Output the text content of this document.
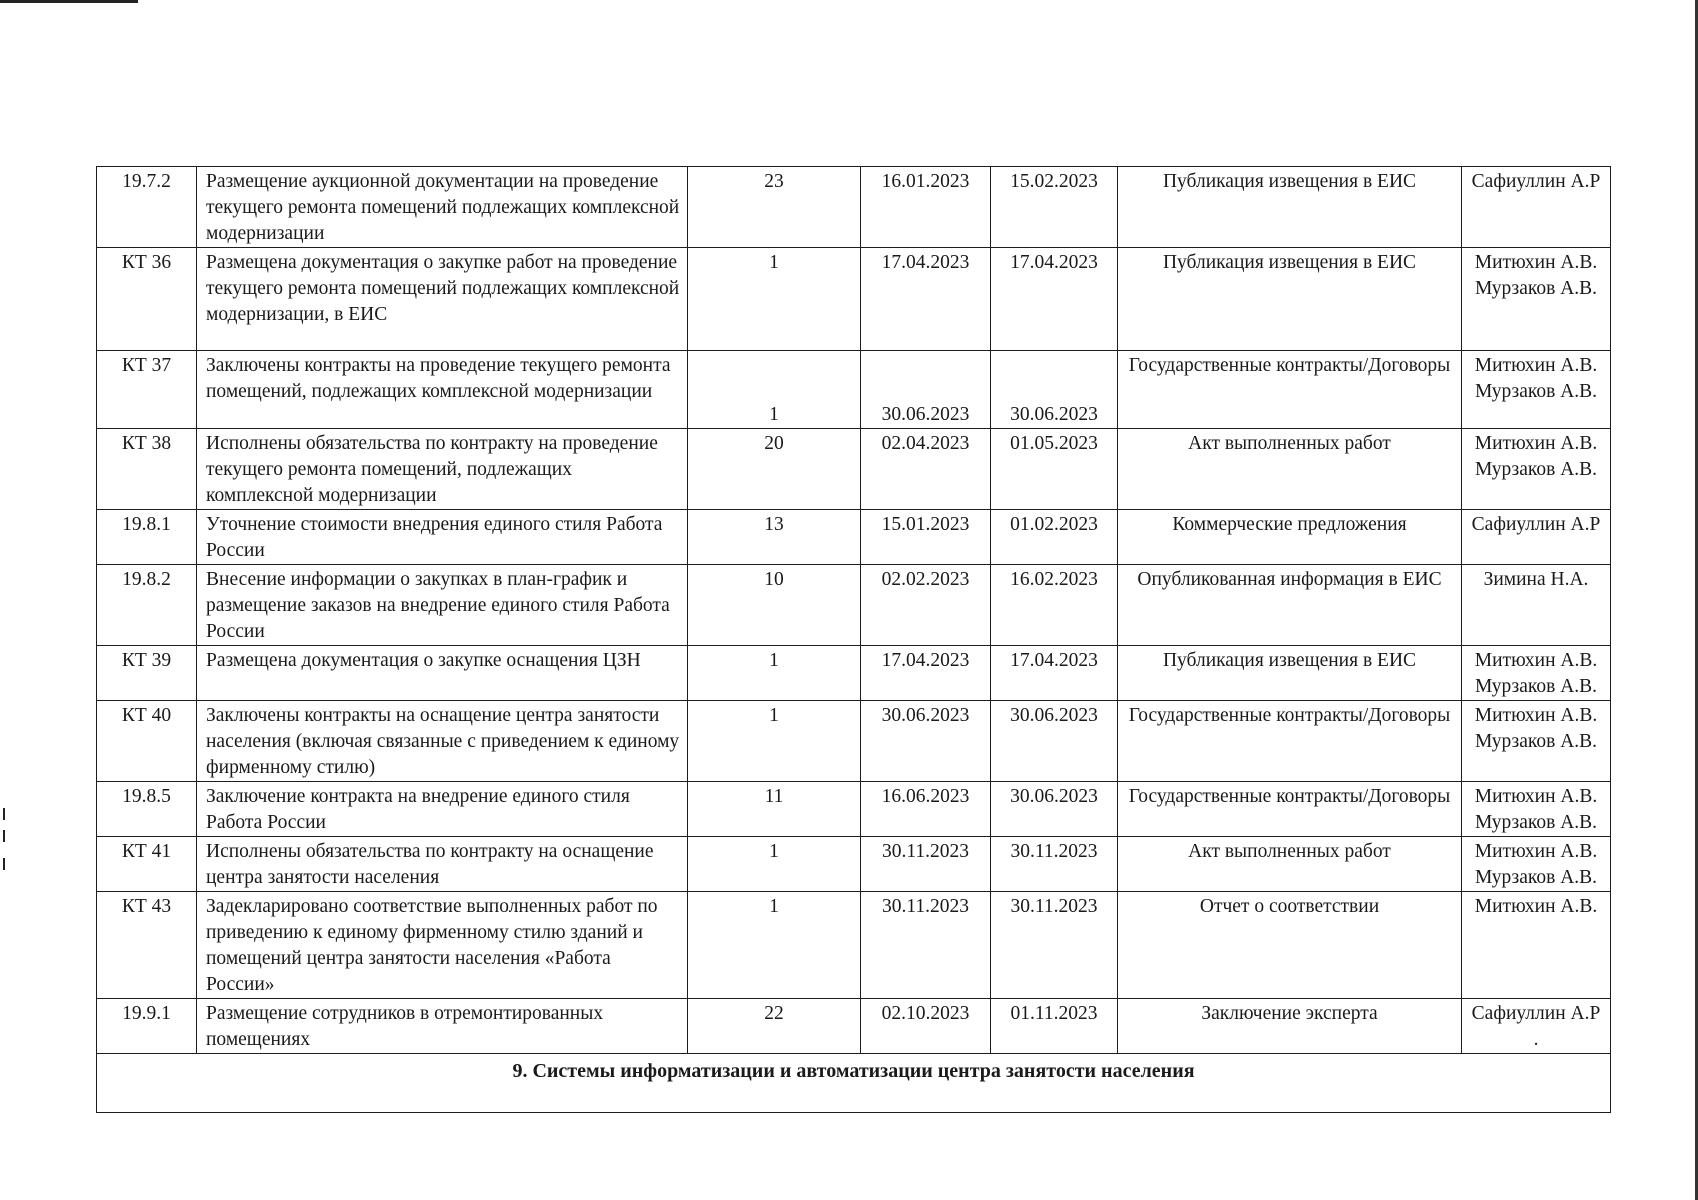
19.7.2	Размещение аукционной документации на проведение текущего ремонта помещений подлежащих комплексной модернизации	23	16.01.2023	15.02.2023	Публикация извещения в ЕИС	Сафиуллин А.Р

КТ 36	Размещена документация о закупке работ на проведение текущего ремонта помещений подлежащих комплексной модернизации, в ЕИС	1	17.04.2023	17.04.2023	Публикация извещения в ЕИС	Митюхин А.В.
Мурзаков А.В.

КТ 37	Заключены контракты на проведение текущего ремонта помещений, подлежащих комплексной модернизации	1	30.06.2023	30.06.2023	Государственные контракты/Договоры	Митюхин А.В.
Мурзаков А.В.

КТ 38	Исполнены обязательства по контракту на проведение текущего ремонта помещений, подлежащих комплексной модернизации	20	02.04.2023	01.05.2023	Акт выполненных работ	Митюхин А.В.
Мурзаков А.В.

19.8.1	Уточнение стоимости внедрения единого стиля Работа России	13	15.01.2023	01.02.2023	Коммерческие предложения	Сафиуллин А.Р

19.8.2	Внесение информации о закупках в план-график и размещение заказов на внедрение единого стиля Работа России	10	02.02.2023	16.02.2023	Опубликованная информация в ЕИС	Зимина Н.А.

КТ 39	Размещена документация о закупке оснащения ЦЗН	1	17.04.2023	17.04.2023	Публикация извещения в ЕИС	Митюхин А.В.
Мурзаков А.В.

КТ 40	Заключены контракты на оснащение центра занятости населения (включая связанные с приведением к единому фирменному стилю)	1	30.06.2023	30.06.2023	Государственные контракты/Договоры	Митюхин А.В.
Мурзаков А.В.

19.8.5	Заключение контракта на внедрение единого стиля Работа России	11	16.06.2023	30.06.2023	Государственные контракты/Договоры	Митюхин А.В.
Мурзаков А.В.

КТ 41	Исполнены обязательства по контракту на оснащение центра занятости населения	1	30.11.2023	30.11.2023	Акт выполненных работ	Митюхин А.В.
Мурзаков А.В.

КТ 43	Задекларировано соответствие выполненных работ по приведению к единому фирменному стилю зданий и помещений центра занятости населения «Работа России»	1	30.11.2023	30.11.2023	Отчет о соответствии	Митюхин А.В.

19.9.1	Размещение сотрудников в отремонтированных помещениях	22	02.10.2023	01.11.2023	Заключение эксперта	Сафиуллин А.Р .

9. Системы информатизации и автоматизации центра занятости населения						
